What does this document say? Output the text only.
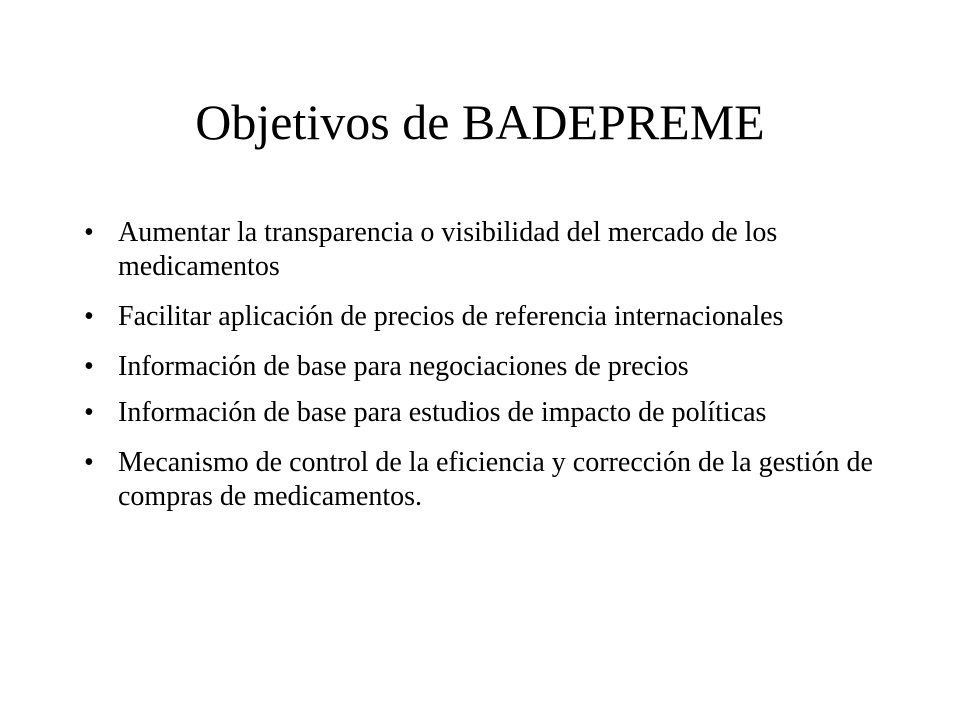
Objetivos de BADEPREME
• Aumentar la transparencia o visibilidad del mercado de los medicamentos
• Facilitar aplicación de precios de referencia internacionales
• Información de base para negociaciones de precios
• Información de base para estudios de impacto de políticas
• Mecanismo de control de la eficiencia y corrección de la gestión de compras de medicamentos.
